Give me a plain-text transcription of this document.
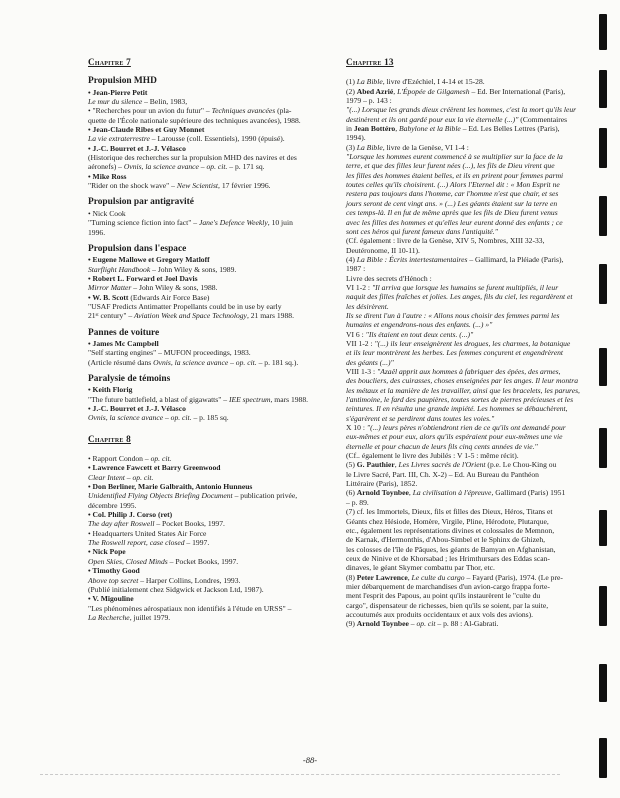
Chapitre 7
Propulsion MHD
• Jean-Pierre Petit
Le mur du silence – Belin, 1983,
• "Recherches pour un avion du futur" – Techniques avancées (pla-
quette de l'École nationale supérieure des techniques avancées), 1988.
• Jean-Claude Ribes et Guy Monnet
La vie extraterrestre – Larousse (coll. Essentiels), 1990 (épuisé).
• J.-C. Bourret et J.-J. Vélasco
(Historique des recherches sur la propulsion MHD des navires et des
aéronefs) – Ovnis, la science avance – op. cit. – p. 171 sq.
• Mike Ross
"Rider on the shock wave" – New Scientist, 17 février 1996.
Propulsion par antigravité
• Nick Cook
"Turning science fiction into fact" – Jane's Defence Weekly, 10 juin
1996.
Propulsion dans l'espace
• Eugene Mallowe et Gregory Matloff
Starflight Handbook – John Wiley & sons, 1989.
• Robert L. Forward et Joel Davis
Mirror Matter – John Wiley & sons, 1988.
• W. B. Scott (Edwards Air Force Base)
"USAF Predicts Antimatter Propellants could be in use by early
21ˢᵗ century" – Aviation Week and Space Technology, 21 mars 1988.
Pannes de voiture
• James Mc Campbell
"Self starting engines" – MUFON proceedings, 1983.
(Article résumé dans Ovnis, la science avance – op. cit. – p. 181 sq.).
Paralysie de témoins
• Keith Florig
"The future battlefield, a blast of gigawatts" – IEE spectrum, mars 1988.
• J.-C. Bourret et J.-J. Vélasco
Ovnis, la science avance – op. cit. – p. 185 sq.
Chapitre 8
• Rapport Condon – op. cit.
• Lawrence Fawcett et Barry Greenwood
Clear Intent – op. cit.
• Don Berliner, Marie Galbraith, Antonio Hunneus
Unidentified Flying Objects Briefing Document – publication privée,
décembre 1995.
• Col. Philip J. Corso (ret)
The day after Roswell – Pocket Books, 1997.
• Headquarters United States Air Force
The Roswell report, case closed – 1997.
• Nick Pope
Open Skies, Closed Minds – Pocket Books, 1997.
• Timothy Good
Above top secret – Harper Collins, Londres, 1993.
(Publié initialement chez Sidgwick et Jackson Ltd, 1987).
• V. Migouline
"Les phénomènes aérospatiaux non identifiés à l'étude en URSS" –
La Recherche, juillet 1979.
Chapitre 13
(1) La Bible, livre d'Ezéchiel, I 4-14 et 15-28.
(2) Abed Azrié, L'Épopée de Gilgamesh – Ed. Ber International (Paris),
1979 – p. 143 :
"(...) Lorsque les grands dieux créèrent les hommes, c'est la mort qu'ils leur
destinèrent et ils ont gardé pour eux la vie éternelle (...)" (Commentaires
in Jean Bottéro, Babylone et la Bible – Ed. Les Belles Lettres (Paris),
1994).
(3) La Bible, livre de la Genèse, VI 1-4 :
"Lorsque les hommes eurent commencé à se multiplier sur la face de la
terre, et que des filles leur furent nées (...), les fils de Dieu virent que
les filles des hommes étaient belles, et ils en prirent pour femmes parmi
toutes celles qu'ils choisirent. (...) Alors l'Eternel dit : « Mon Esprit ne
restera pas toujours dans l'homme, car l'homme n'est que chair, et ses
jours seront de cent vingt ans. » (...) Les géants étaient sur la terre en
ces temps-là. Il en fut de même après que les fils de Dieu furent venus
avec les filles des hommes et qu'elles leur eurent donné des enfants ; ce
sont ces héros qui furent fameux dans l'antiquité."
(Cf. également : livre de la Genèse, XIV 5, Nombres, XIII 32-33,
Deutéronome, II 10-11).
(4) La Bible : Écrits intertestamentaires – Gallimard, la Pléiade (Paris),
1987 :
Livre des secrets d'Hénoch :
VI 1-2 : "Il arriva que lorsque les humains se furent multipliés, il leur
naquit des filles fraîches et jolies. Les anges, fils du ciel, les regardèrent et
les désirèrent.
Ils se dirent l'un à l'autre : « Allons nous choisir des femmes parmi les
humains et engendrons-nous des enfants. (...) »"
VI 6 : "Ils étaient en tout deux cents. (...)"
VII 1-2 : "(...) ils leur enseignèrent les drogues, les charmes, la botanique
et ils leur montrèrent les herbes. Les femmes conçurent et engendrèrent
des géants (...)"
VIII 1-3 : "Azaël apprit aux hommes à fabriquer des épées, des armes,
des boucliers, des cuirasses, choses enseignées par les anges. Il leur montra
les métaux et la manière de les travailler, ainsi que les bracelets, les parures,
l'antimoine, le fard des paupières, toutes sortes de pierres précieuses et les
teintures. Il en résulta une grande impiété. Les hommes se débauchèrent,
s'égarèrent et se perdirent dans toutes les voies."
X 10 : "(...) leurs pères n'obtiendront rien de ce qu'ils ont demandé pour
eux-mêmes et pour eux, alors qu'ils espéraient pour eux-mêmes une vie
éternelle et pour chacun de leurs fils cinq cents années de vie."
(Cf.. également le livre des Jubilés : V 1-5 : même récit).
(5) G. Pauthier, Les Livres sacrés de l'Orient (p.e. Le Chou-King ou
le Livre Sacré, Part. III, Ch. X-2) – Ed. Au Bureau du Panthéon
Littéraire (Paris), 1852.
(6) Arnold Toynbee, La civilisation à l'épreuve, Gallimard (Paris) 1951
– p. 89.
(7) cf. les Immortels, Dieux, fils et filles des Dieux, Héros, Titans et
Géants chez Hésiode, Homère, Virgile, Pline, Hérodote, Plutarque,
etc., également les représentations divines et colossales de Memnon,
de Karnak, d'Hermonthis, d'Abou-Simbel et le Sphinx de Ghizeh,
les colosses de l'île de Pâques, les géants de Bamyan en Afghanistan,
ceux de Ninive et de Khorsabad ; les Hrimthursars des Eddas scan-
dinaves, le géant Skymer combattu par Thor, etc.
(8) Peter Lawrence, Le culte du cargo – Fayard (Paris), 1974. (Le pre-
mier débarquement de marchandises d'un avion-cargo frappa forte-
ment l'esprit des Papous, au point qu'ils instaurèrent le "culte du
cargo", dispensateur de richesses, bien qu'ils se soient, par la suite,
accoutumés aux produits occidentaux et aux vols des avions).
(9) Arnold Toynbee – op. cit – p. 88 : Al-Gabrati.
-88-
